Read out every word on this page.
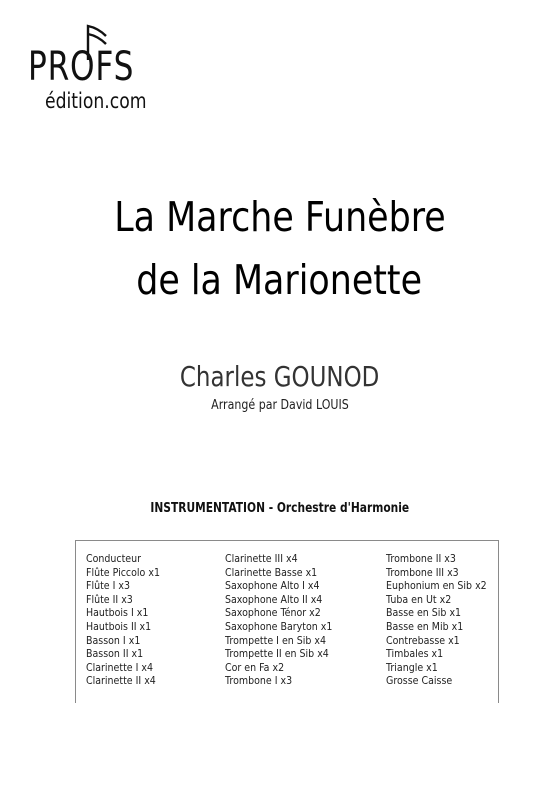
PROFS
édition.com
La Marche Funèbre
de la Marionette
Charles GOUNOD
Arrangé par David LOUIS
INSTRUMENTATION - Orchestre d'Harmonie
Conducteur
Flûte Piccolo x1
Flûte I x3
Flûte II x3
Hautbois I x1
Hautbois II x1
Basson I x1
Basson II x1
Clarinette I x4
Clarinette II x4
Clarinette III x4
Clarinette Basse x1
Saxophone Alto I x4
Saxophone Alto II x4
Saxophone Ténor x2
Saxophone Baryton x1
Trompette I en Sib x4
Trompette II en Sib x4
Cor en Fa x2
Trombone I x3
Trombone II x3
Trombone III x3
Euphonium en Sib x2
Tuba en Ut x2
Basse en Sib x1
Basse en Mib x1
Contrebasse x1
Timbales x1
Triangle x1
Grosse Caisse
